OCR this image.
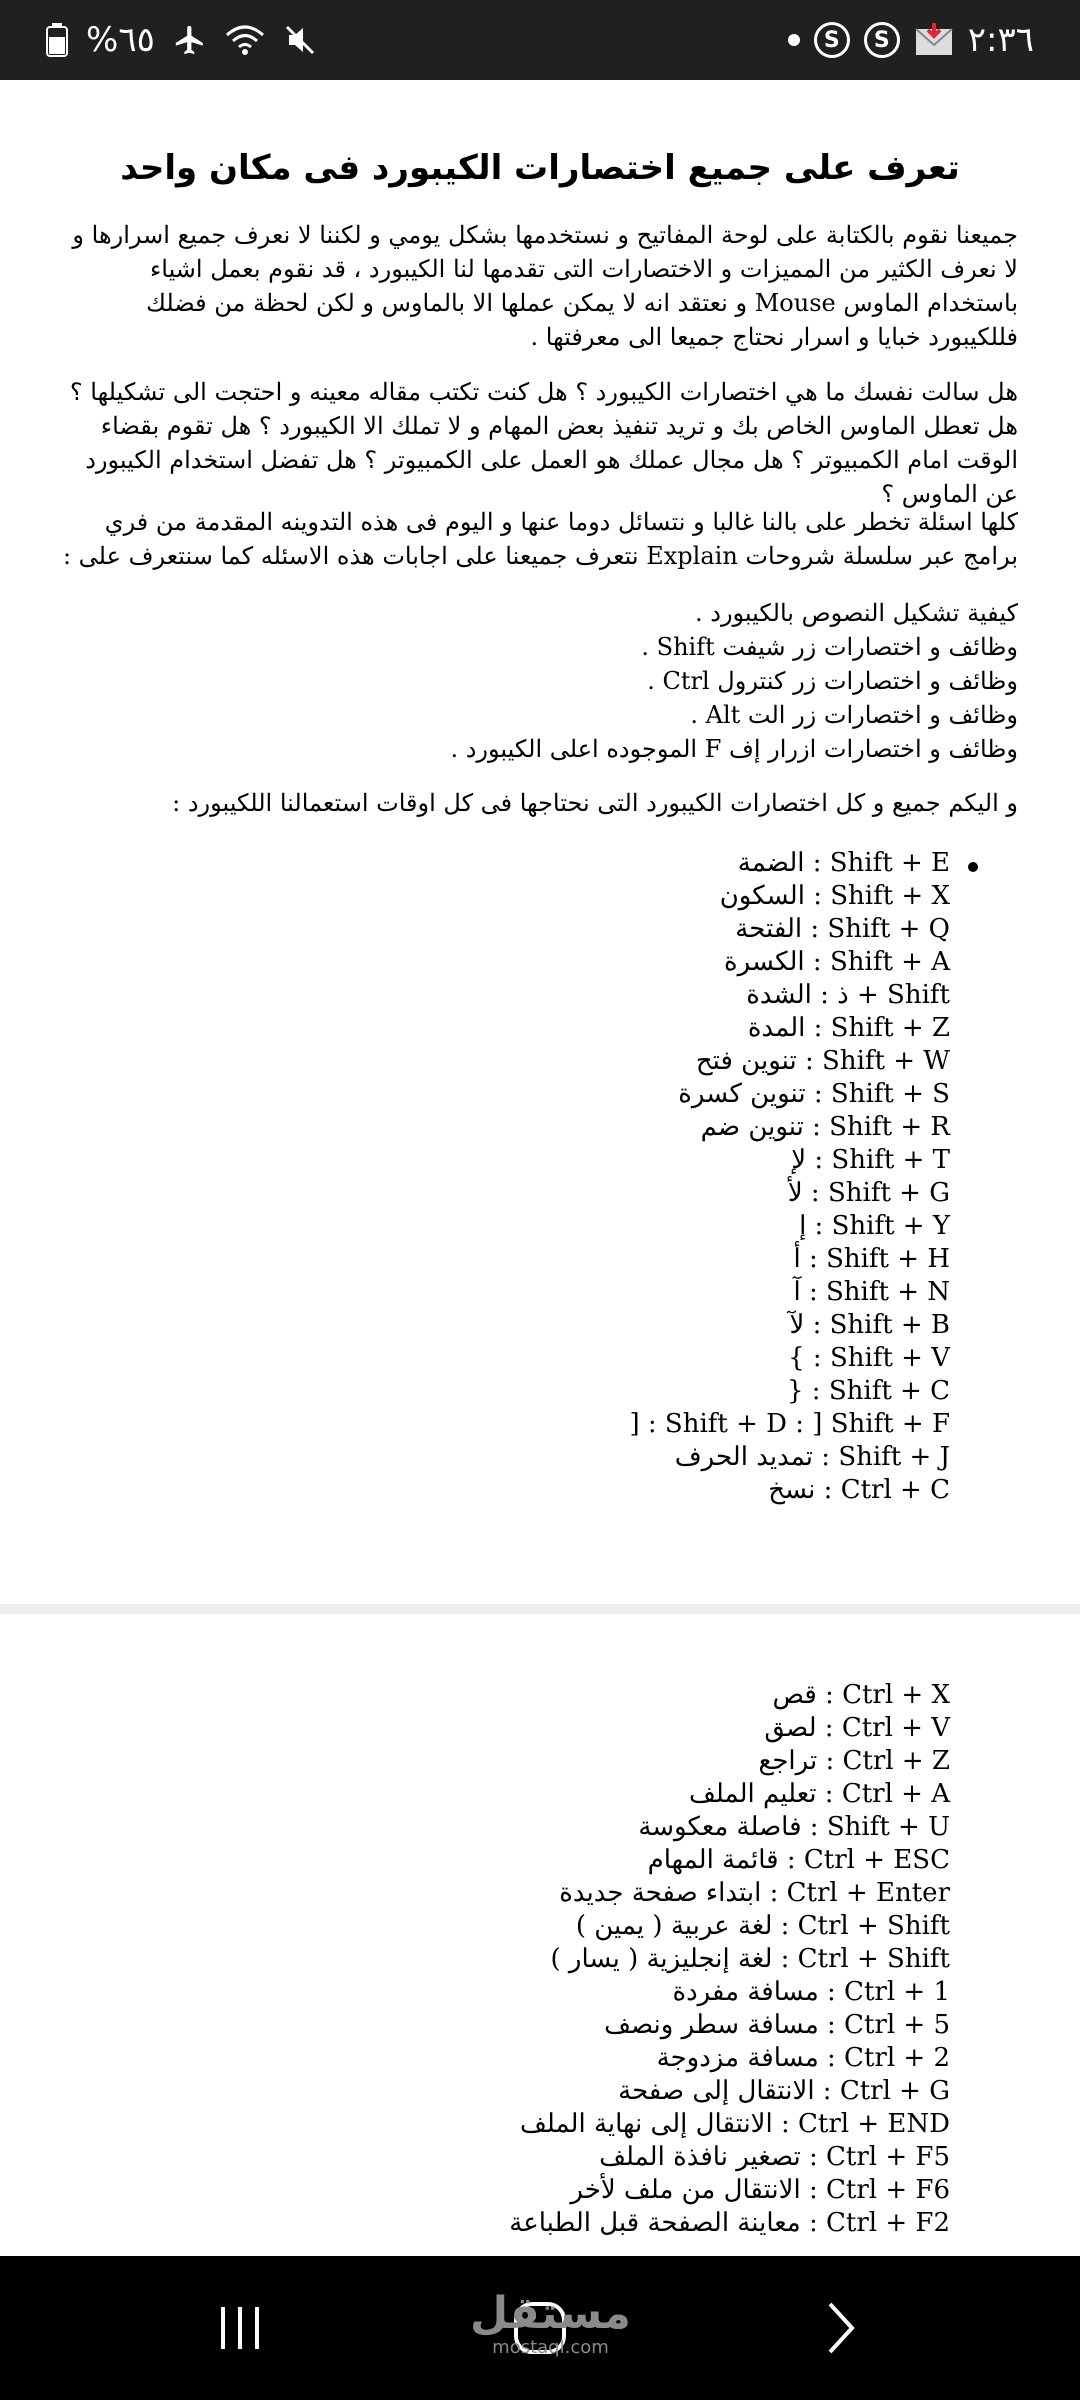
%٦٥	S	S ٢:٣٦
تعرف على جميع اختصارات الكيبورد فى مكان واحد
جميعنا نقوم بالكتابة على لوحة المفاتيح و نستخدمها بشكل يومي و لكننا لا نعرف جميع اسرارها و لا نعرف الكثير من المميزات و الاختصارات التى تقدمها لنا الكيبورد ، قد نقوم بعمل اشياء باستخدام الماوس Mouse و نعتقد انه لا يمكن عملها الا بالماوس و لكن لحظة من فضلك فللكيبورد خبايا و اسرار نحتاج جميعا الى معرفتها .
هل سالت نفسك ما هي اختصارات الكيبورد ؟ هل كنت تكتب مقاله معينه و احتجت الى تشكيلها ؟ هل تعطل الماوس الخاص بك و تريد تنفيذ بعض المهام و لا تملك الا الكيبورد ؟ هل تقوم بقضاء الوقت امام الكمبيوتر ؟ هل مجال عملك هو العمل على الكمبيوتر ؟ هل تفضل استخدام الكيبورد عن الماوس ؟
كلها اسئلة تخطر على بالنا غالبا و نتسائل دوما عنها و اليوم فى هذه التدوينه المقدمة من فري برامج عبر سلسلة شروحات Explain نتعرف جميعنا على اجابات هذه الاسئله كما سنتعرف على :
كيفية تشكيل النصوص بالكيبورد .
وظائف و اختصارات زر شيفت Shift .
وظائف و اختصارات زر كنترول Ctrl .
وظائف و اختصارات زر الت Alt .
وظائف و اختصارات ازرار إف F الموجوده اعلى الكيبورد .
و اليكم جميع و كل اختصارات الكيبورد التى نحتاجها فى كل اوقات استعمالنا اللكيبورد :
Shift + E : الضمة
Shift + X : السكون
Shift + Q : الفتحة
Shift + A : الكسرة
Shift + ذ : الشدة
Shift + Z : المدة
Shift + W : تنوين فتح
Shift + S : تنوين كسرة
Shift + R : تنوين ضم
Shift + T : لإ
Shift + G : لأ
Shift + Y : إ
Shift + H : أ
Shift + N : آ
Shift + B : لآ
Shift + V : }
Shift + C : {
Shift + D : ] Shift + F : [
Shift + J : تمديد الحرف
Ctrl + C : نسخ
Ctrl + X : قص
Ctrl + V : لصق
Ctrl + Z : تراجع
Ctrl + A : تعليم الملف
Shift + U : فاصلة معكوسة
Ctrl + ESC : قائمة المهام
Ctrl + Enter : ابتداء صفحة جديدة
Ctrl + Shift : لغة عربية ( يمين )
Ctrl + Shift : لغة إنجليزية ( يسار )
Ctrl + 1 : مسافة مفردة
Ctrl + 5 : مسافة سطر ونصف
Ctrl + 2 : مسافة مزدوجة
Ctrl + G : الانتقال إلى صفحة
Ctrl + END : الانتقال إلى نهاية الملف
Ctrl + F5 : تصغير نافذة الملف
Ctrl + F6 : الانتقال من ملف لأخر
Ctrl + F2 : معاينة الصفحة قبل الطباعة
مستقل
mostaql.com
